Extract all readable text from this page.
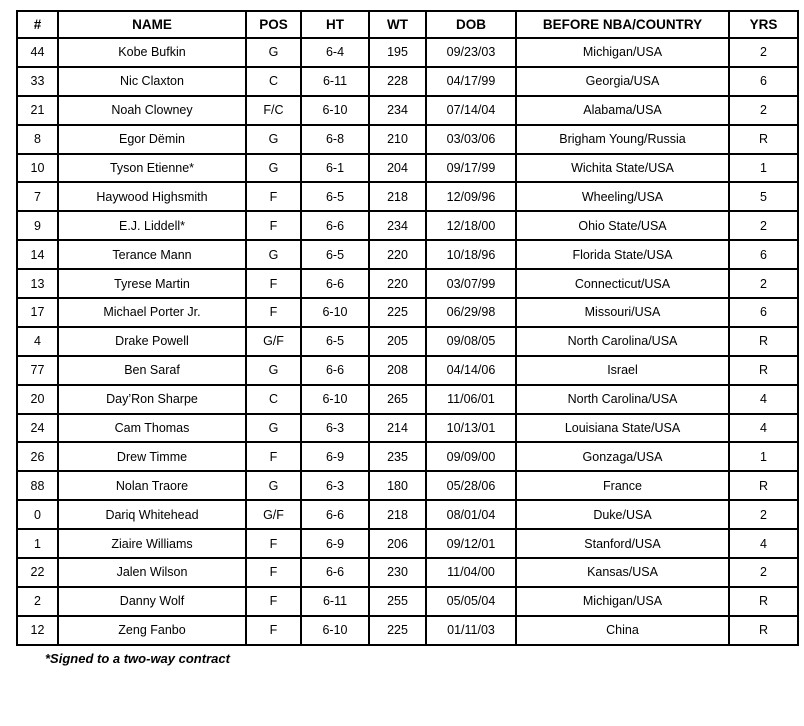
#	NAME	POS	HT	WT	DOB	BEFORE NBA/COUNTRY	YRS
44	Kobe Bufkin	G	6-4	195	09/23/03	Michigan/USA	2
33	Nic Claxton	C	6-11	228	04/17/99	Georgia/USA	6
21	Noah Clowney	F/C	6-10	234	07/14/04	Alabama/USA	2
8	Egor Dëmin	G	6-8	210	03/03/06	Brigham Young/Russia	R
10	Tyson Etienne*	G	6-1	204	09/17/99	Wichita State/USA	1
7	Haywood Highsmith	F	6-5	218	12/09/96	Wheeling/USA	5
9	E.J. Liddell*	F	6-6	234	12/18/00	Ohio State/USA	2
14	Terance Mann	G	6-5	220	10/18/96	Florida State/USA	6
13	Tyrese Martin	F	6-6	220	03/07/99	Connecticut/USA	2
17	Michael Porter Jr.	F	6-10	225	06/29/98	Missouri/USA	6
4	Drake Powell	G/F	6-5	205	09/08/05	North Carolina/USA	R
77	Ben Saraf	G	6-6	208	04/14/06	Israel	R
20	Day’Ron Sharpe	C	6-10	265	11/06/01	North Carolina/USA	4
24	Cam Thomas	G	6-3	214	10/13/01	Louisiana State/USA	4
26	Drew Timme	F	6-9	235	09/09/00	Gonzaga/USA	1
88	Nolan Traore	G	6-3	180	05/28/06	France	R
0	Dariq Whitehead	G/F	6-6	218	08/01/04	Duke/USA	2
1	Ziaire Williams	F	6-9	206	09/12/01	Stanford/USA	4
22	Jalen Wilson	F	6-6	230	11/04/00	Kansas/USA	2
2	Danny Wolf	F	6-11	255	05/05/04	Michigan/USA	R
12	Zeng Fanbo	F	6-10	225	01/11/03	China	R
*Signed to a two-way contract
